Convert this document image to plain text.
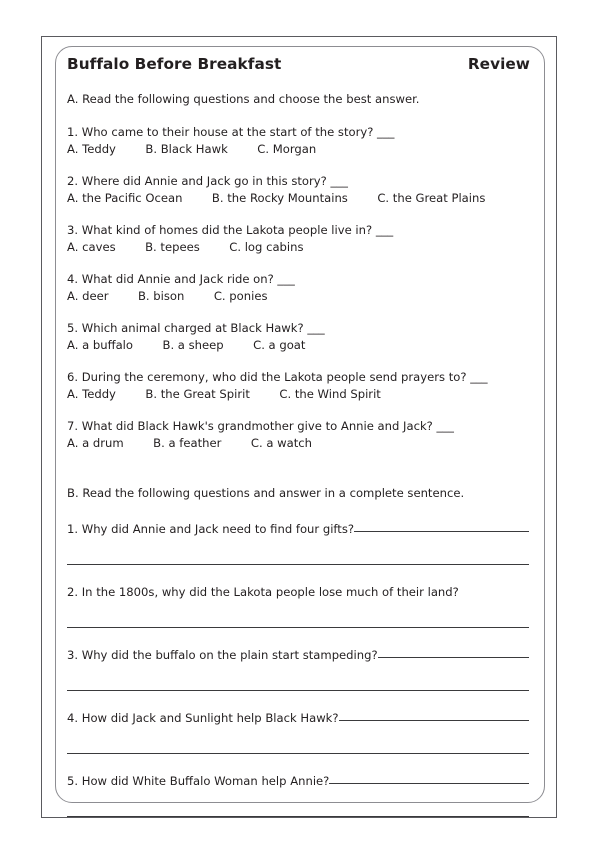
Buffalo Before Breakfast	Review
A. Read the following questions and choose the best answer.
1. Who came to their house at the start of the story? ___
A. Teddy        B. Black Hawk        C. Morgan
2. Where did Annie and Jack go in this story? ___
A. the Pacific Ocean        B. the Rocky Mountains        C. the Great Plains
3. What kind of homes did the Lakota people live in? ___
A. caves        B. tepees        C. log cabins
4. What did Annie and Jack ride on? ___
A. deer        B. bison        C. ponies
5. Which animal charged at Black Hawk? ___
A. a buffalo        B. a sheep        C. a goat
6. During the ceremony, who did the Lakota people send prayers to? ___
A. Teddy        B. the Great Spirit        C. the Wind Spirit
7. What did Black Hawk's grandmother give to Annie and Jack? ___
A. a drum        B. a feather        C. a watch
B. Read the following questions and answer in a complete sentence.
1. Why did Annie and Jack need to find four gifts?
2. In the 1800s, why did the Lakota people lose much of their land?
3. Why did the buffalo on the plain start stampeding?
4. How did Jack and Sunlight help Black Hawk?
5. How did White Buffalo Woman help Annie?
